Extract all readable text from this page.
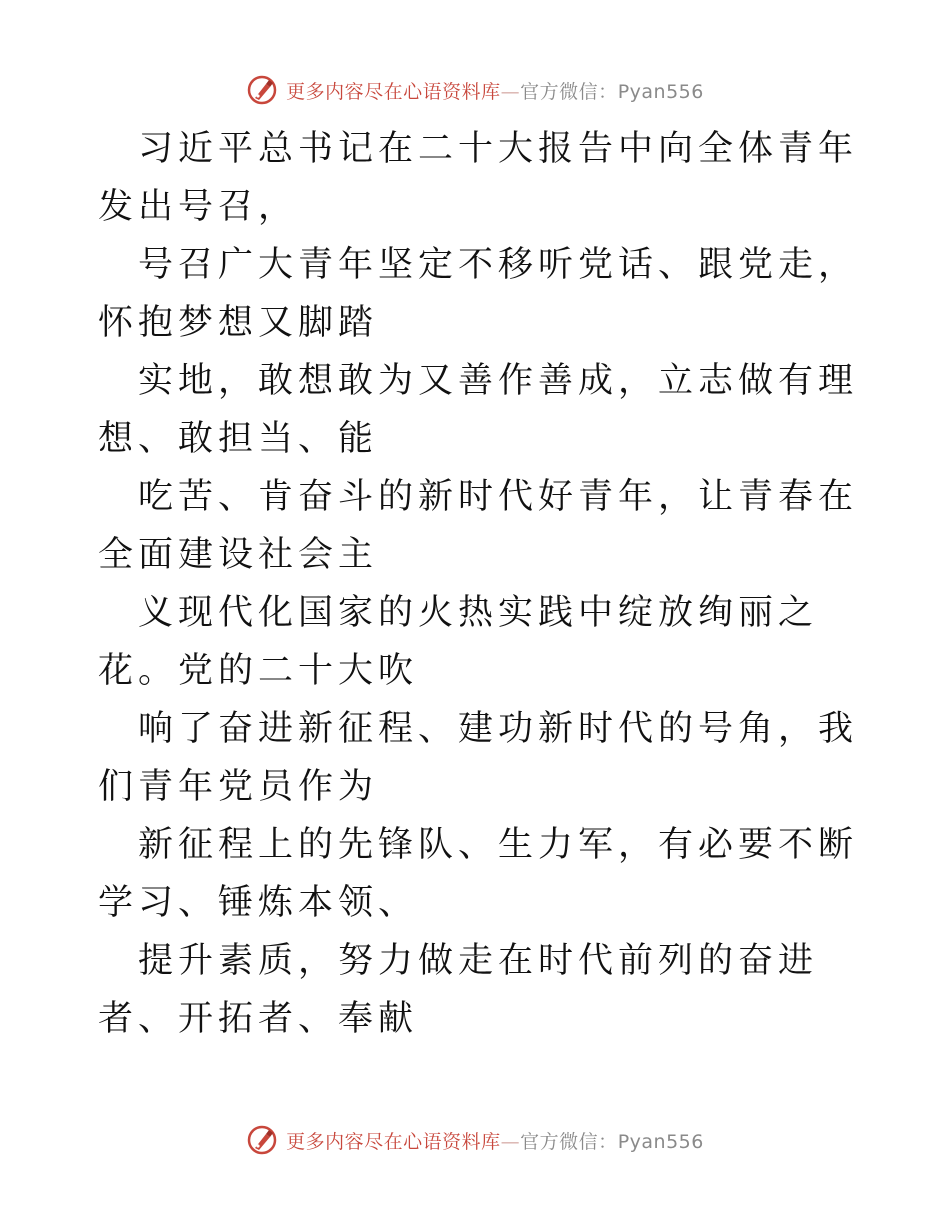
更多内容尽在心语资料库—官方微信：Pyan556

习近平总书记在二十大报告中向全体青年发出号召，

号召广大青年坚定不移听党话、跟党走，怀抱梦想又脚踏

实地，敢想敢为又善作善成，立志做有理想、敢担当、能

吃苦、肯奋斗的新时代好青年，让青春在全面建设社会主

义现代化国家的火热实践中绽放绚丽之花。党的二十大吹

响了奋进新征程、建功新时代的号角，我们青年党员作为

新征程上的先锋队、生力军，有必要不断学习、锤炼本领、

提升素质，努力做走在时代前列的奋进者、开拓者、奉献

更多内容尽在心语资料库—官方微信：Pyan556
